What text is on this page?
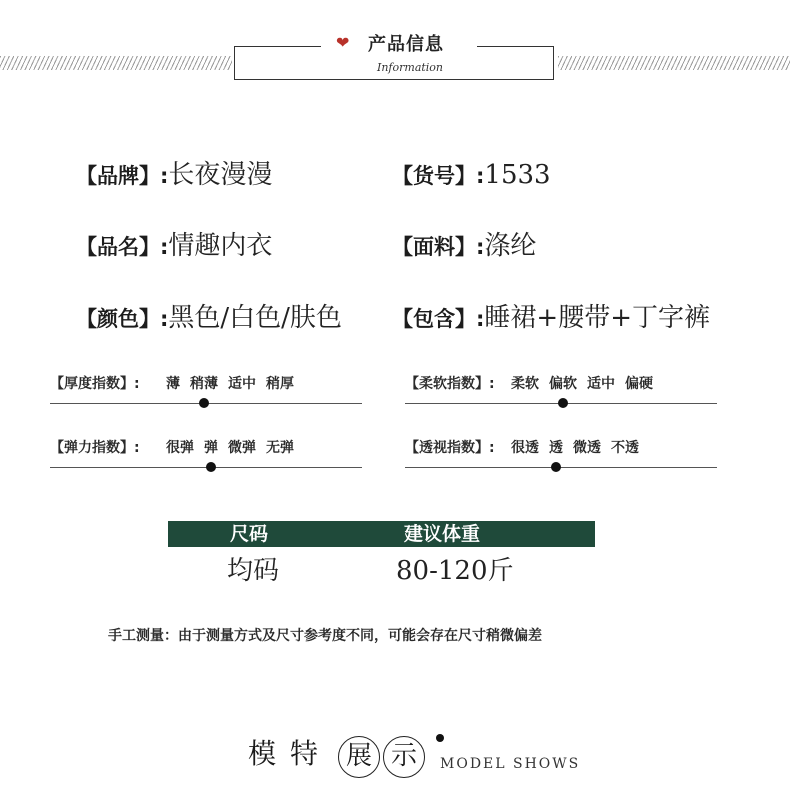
❤ 产品信息
Information
【品牌】:长夜漫漫	【货号】:1533
【品名】:情趣内衣	【面料】:涤纶
【颜色】:黑色/白色/肤色 【包含】:睡裙+腰带+丁字裤
【厚度指数】: 薄 稍薄 适中 稍厚	【柔软指数】: 柔软 偏软 适中 偏硬
【弹力指数】: 很弹 弹 微弹 无弹	【透视指数】: 很透 透 微透 不透
尺码	建议体重
均码	80-120斤
手工测量：由于测量方式及尺寸参考度不同，可能会存在尺寸稍微偏差
模 特 展 示	MODEL SHOWS
